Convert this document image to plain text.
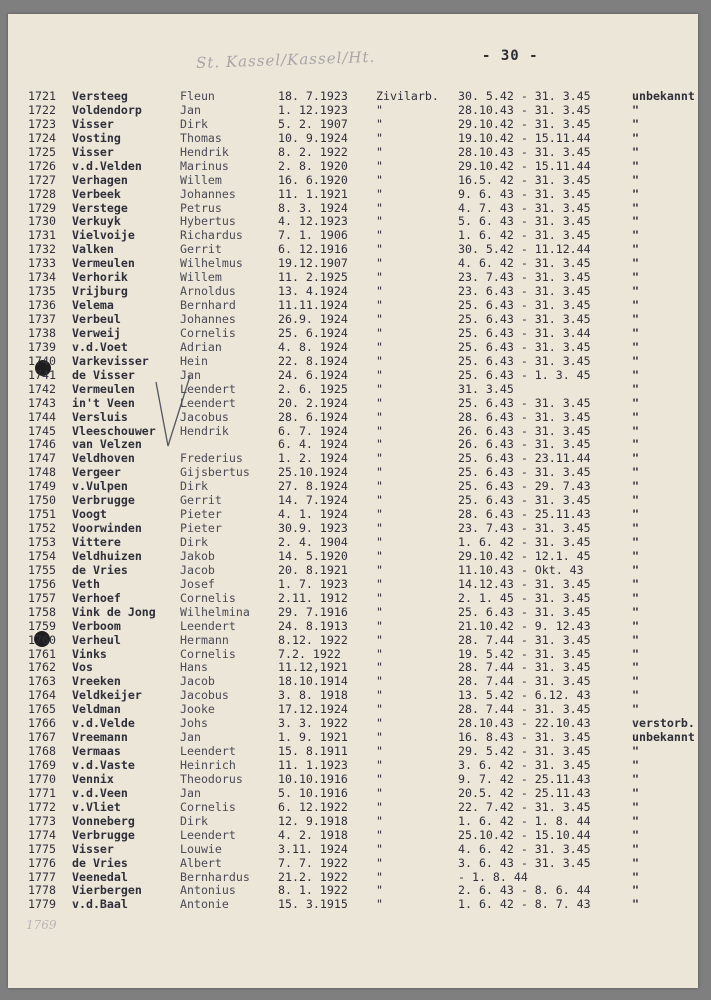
St. Kassel/Kassel/Ht.	- 30 -
1721 Versteeg	Fleun	18. 7.1923 Zivilarb. 30. 5.42 - 31. 3.45	unbekannt
1722 Voldendorp	Jan	1. 12.1923 "	28.10.43 - 31. 3.45	"
1723 Visser	Dirk	5. 2. 1907 "	29.10.42 - 31. 3.45	"
1724 Vosting	Thomas	10. 9.1924 "	19.10.42 - 15.11.44	"
1725 Visser	Hendrik	8. 2. 1922 "	28.10.43 - 31. 3.45	"
1726 v.d.Velden	Marinus	2. 8. 1920 "	29.10.42 - 15.11.44	"
1727 Verhagen	Willem	16. 6.1920 "	16.5. 42 - 31. 3.45	"
1728 Verbeek	Johannes	11. 1.1921 "	9. 6. 43 - 31. 3.45	"
1729 Verstege	Petrus	8. 3. 1924 "	4. 7. 43 - 31. 3.45	"
1730 Verkuyk	Hybertus	4. 12.1923 "	5. 6. 43 - 31. 3.45	"
1731 Vielvoije	Richardus	7. 1. 1906 "	1. 6. 42 - 31. 3.45	"
1732 Valken	Gerrit	6. 12.1916 "	30. 5.42 - 11.12.44	"
1733 Vermeulen	Wilhelmus	19.12.1907 "	4. 6. 42 - 31. 3.45	"
1734 Verhorik	Willem	11. 2.1925 "	23. 7.43 - 31. 3.45	"
1735 Vrijburg	Arnoldus	13. 4.1924 "	23. 6.43 - 31. 3.45	"
1736 Velema	Bernhard	11.11.1924 "	25. 6.43 - 31. 3.45	"
1737 Verbeul	Johannes	26.9. 1924 "	25. 6.43 - 31. 3.45	"
1738 Verweij	Cornelis	25. 6.1924 "	25. 6.43 - 31. 3.44	"
1739 v.d.Voet	Adrian	4. 8. 1924 "	25. 6.43 - 31. 3.45	"
1740 Varkevisser	Hein	22. 8.1924 "	25. 6.43 - 31. 3.45	"
1741 de Visser	Jan	24. 6.1924 "	25. 6.43 - 1. 3. 45	"
1742 Vermeulen	Leendert	2. 6. 1925 "	31. 3.45	"
1743 in't Veen	Leendert	20. 2.1924 "	25. 6.43 - 31. 3.45	"
1744 Versluis	Jacobus	28. 6.1924 "	28. 6.43 - 31. 3.45	"
1745 Vleeschouwer Hendrik	6. 7. 1924 "	26. 6.43 - 31. 3.45	"
1746 van Velzen	6. 4. 1924 "	26. 6.43 - 31. 3.45	"
1747 Veldhoven	Frederius	1. 2. 1924 "	25. 6.43 - 23.11.44	"
1748 Vergeer	Gijsbertus 25.10.1924 "	25. 6.43 - 31. 3.45	"
1749 v.Vulpen	Dirk	27. 8.1924 "	25. 6.43 - 29. 7.43	"
1750 Verbrugge	Gerrit	14. 7.1924 "	25. 6.43 - 31. 3.45	"
1751 Voogt	Pieter	4. 1. 1924 "	28. 6.43 - 25.11.43	"
1752 Voorwinden	Pieter	30.9. 1923 "	23. 7.43 - 31. 3.45	"
1753 Vittere	Dirk	2. 4. 1904 "	1. 6. 42 - 31. 3.45	"
1754 Veldhuizen	Jakob	14. 5.1920 "	29.10.42 - 12.1. 45	"
1755 de Vries	Jacob	20. 8.1921 "	11.10.43 - Okt. 43	"
1756 Veth	Josef	1. 7. 1923 "	14.12.43 - 31. 3.45	"
1757 Verhoef	Cornelis	2.11. 1912 "	2. 1. 45 - 31. 3.45	"
1758 Vink de Jong Wilhelmina 29. 7.1916 "	25. 6.43 - 31. 3.45	"
1759 Verboom	Leendert	24. 8.1913 "	21.10.42 - 9. 12.43	"
1760 Verheul	Hermann	8.12. 1922 "	28. 7.44 - 31. 3.45	"
1761 Vinks	Cornelis	7.2. 1922	"	19. 5.42 - 31. 3.45	"
1762 Vos	Hans	11.12,1921 "	28. 7.44 - 31. 3.45	"
1763 Vreeken	Jacob	18.10.1914 "	28. 7.44 - 31. 3.45	"
1764 Veldkeijer	Jacobus	3. 8. 1918 "	13. 5.42 - 6.12. 43	"
1765 Veldman	Jooke	17.12.1924 "	28. 7.44 - 31. 3.45	"
1766 v.d.Velde	Johs	3. 3. 1922 "	28.10.43 - 22.10.43	verstorb.
1767 Vreemann	Jan	1. 9. 1921 "	16. 8.43 - 31. 3.45	unbekannt
1768 Vermaas	Leendert	15. 8.1911 "	29. 5.42 - 31. 3.45	"
1769 v.d.Vaste	Heinrich	11. 1.1923 "	3. 6. 42 - 31. 3.45	"
1770 Vennix	Theodorus	10.10.1916 "	9. 7. 42 - 25.11.43	"
1771 v.d.Veen	Jan	5. 10.1916 "	20.5. 42 - 25.11.43	"
1772 v.Vliet	Cornelis	6. 12.1922 "	22. 7.42 - 31. 3.45	"
1773 Vonneberg	Dirk	12. 9.1918 "	1. 6. 42 - 1. 8. 44	"
1774 Verbrugge	Leendert	4. 2. 1918 "	25.10.42 - 15.10.44	"
1775 Visser	Louwie	3.11. 1924 "	4. 6. 42 - 31. 3.45	"
1776 de Vries	Albert	7. 7. 1922 "	3. 6. 43 - 31. 3.45	"
1777 Veenedal	Bernhardus 21.2. 1922 "	- 1. 8. 44	"
1778 Vierbergen	Antonius	8. 1. 1922 "	2. 6. 43 - 8. 6. 44	"
1779 v.d.Baal	Antonie	15. 3.1915 "	1. 6. 42 - 8. 7. 43	"
1769
